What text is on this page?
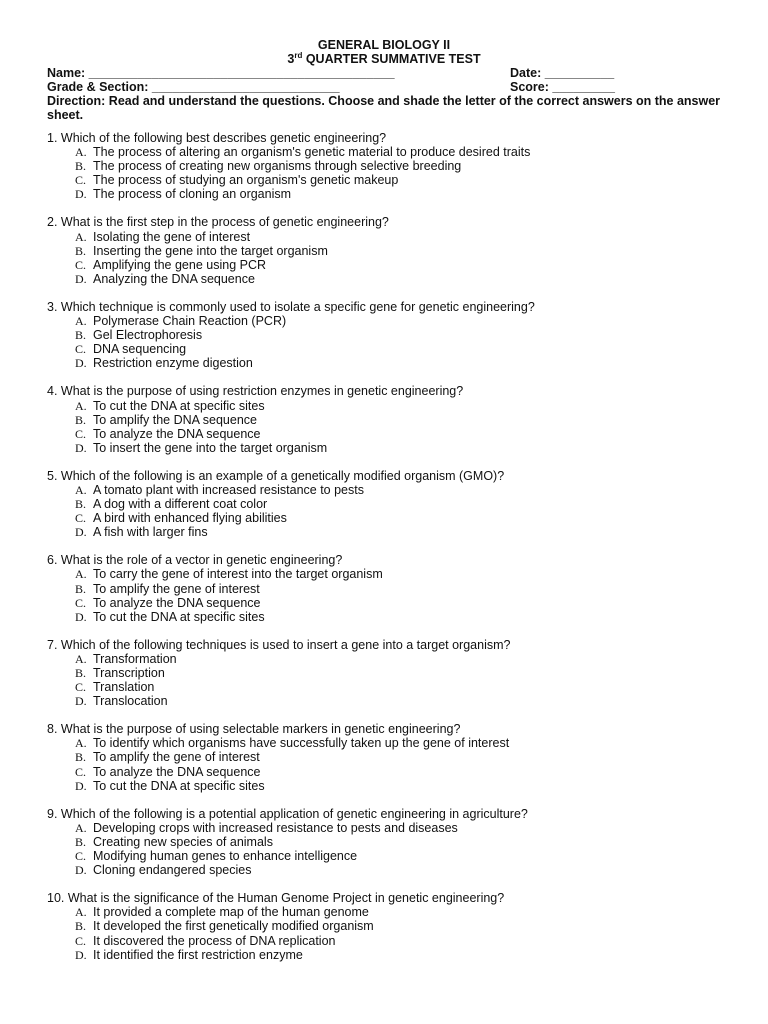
GENERAL BIOLOGY II
3rd QUARTER SUMMATIVE TEST
Name: ____________________________________________	Date: __________
Grade & Section: ___________________________	Score: _________
Direction: Read and understand the questions. Choose and shade the letter of the correct answers on the answer sheet.
1. Which of the following best describes genetic engineering?
A. The process of altering an organism's genetic material to produce desired traits
B. The process of creating new organisms through selective breeding
C. The process of studying an organism's genetic makeup
D. The process of cloning an organism
2. What is the first step in the process of genetic engineering?
A. Isolating the gene of interest
B. Inserting the gene into the target organism
C. Amplifying the gene using PCR
D. Analyzing the DNA sequence
3. Which technique is commonly used to isolate a specific gene for genetic engineering?
A. Polymerase Chain Reaction (PCR)
B. Gel Electrophoresis
C. DNA sequencing
D. Restriction enzyme digestion
4. What is the purpose of using restriction enzymes in genetic engineering?
A. To cut the DNA at specific sites
B. To amplify the DNA sequence
C. To analyze the DNA sequence
D. To insert the gene into the target organism
5. Which of the following is an example of a genetically modified organism (GMO)?
A. A tomato plant with increased resistance to pests
B. A dog with a different coat color
C. A bird with enhanced flying abilities
D. A fish with larger fins
6. What is the role of a vector in genetic engineering?
A. To carry the gene of interest into the target organism
B. To amplify the gene of interest
C. To analyze the DNA sequence
D. To cut the DNA at specific sites
7. Which of the following techniques is used to insert a gene into a target organism?
A. Transformation
B. Transcription
C. Translation
D. Translocation
8. What is the purpose of using selectable markers in genetic engineering?
A. To identify which organisms have successfully taken up the gene of interest
B. To amplify the gene of interest
C. To analyze the DNA sequence
D. To cut the DNA at specific sites
9. Which of the following is a potential application of genetic engineering in agriculture?
A. Developing crops with increased resistance to pests and diseases
B. Creating new species of animals
C. Modifying human genes to enhance intelligence
D. Cloning endangered species
10. What is the significance of the Human Genome Project in genetic engineering?
A. It provided a complete map of the human genome
B. It developed the first genetically modified organism
C. It discovered the process of DNA replication
D. It identified the first restriction enzyme
